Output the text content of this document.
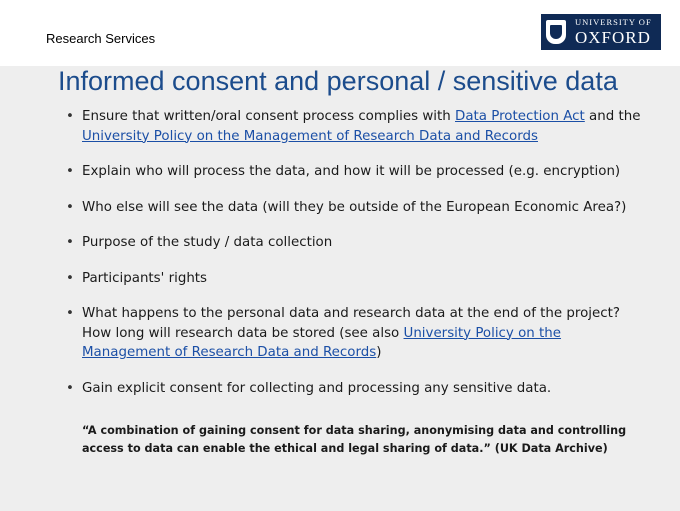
Research Services
UNIVERSITY OF
OXFORD
Informed consent and personal / sensitive data
• Ensure that written/oral consent process complies with Data Protection Act and the University Policy on the Management of Research Data and Records
• Explain who will process the data, and how it will be processed (e.g. encryption)
• Who else will see the data (will they be outside of the European Economic Area?)
• Purpose of the study / data collection
• Participants' rights
• What happens to the personal data and research data at the end of the project? How long will research data be stored (see also University Policy on the Management of Research Data and Records)
• Gain explicit consent for collecting and processing any sensitive data.

“A combination of gaining consent for data sharing, anonymising data and controlling access to data can enable the ethical and legal sharing of data.” (UK Data Archive)
